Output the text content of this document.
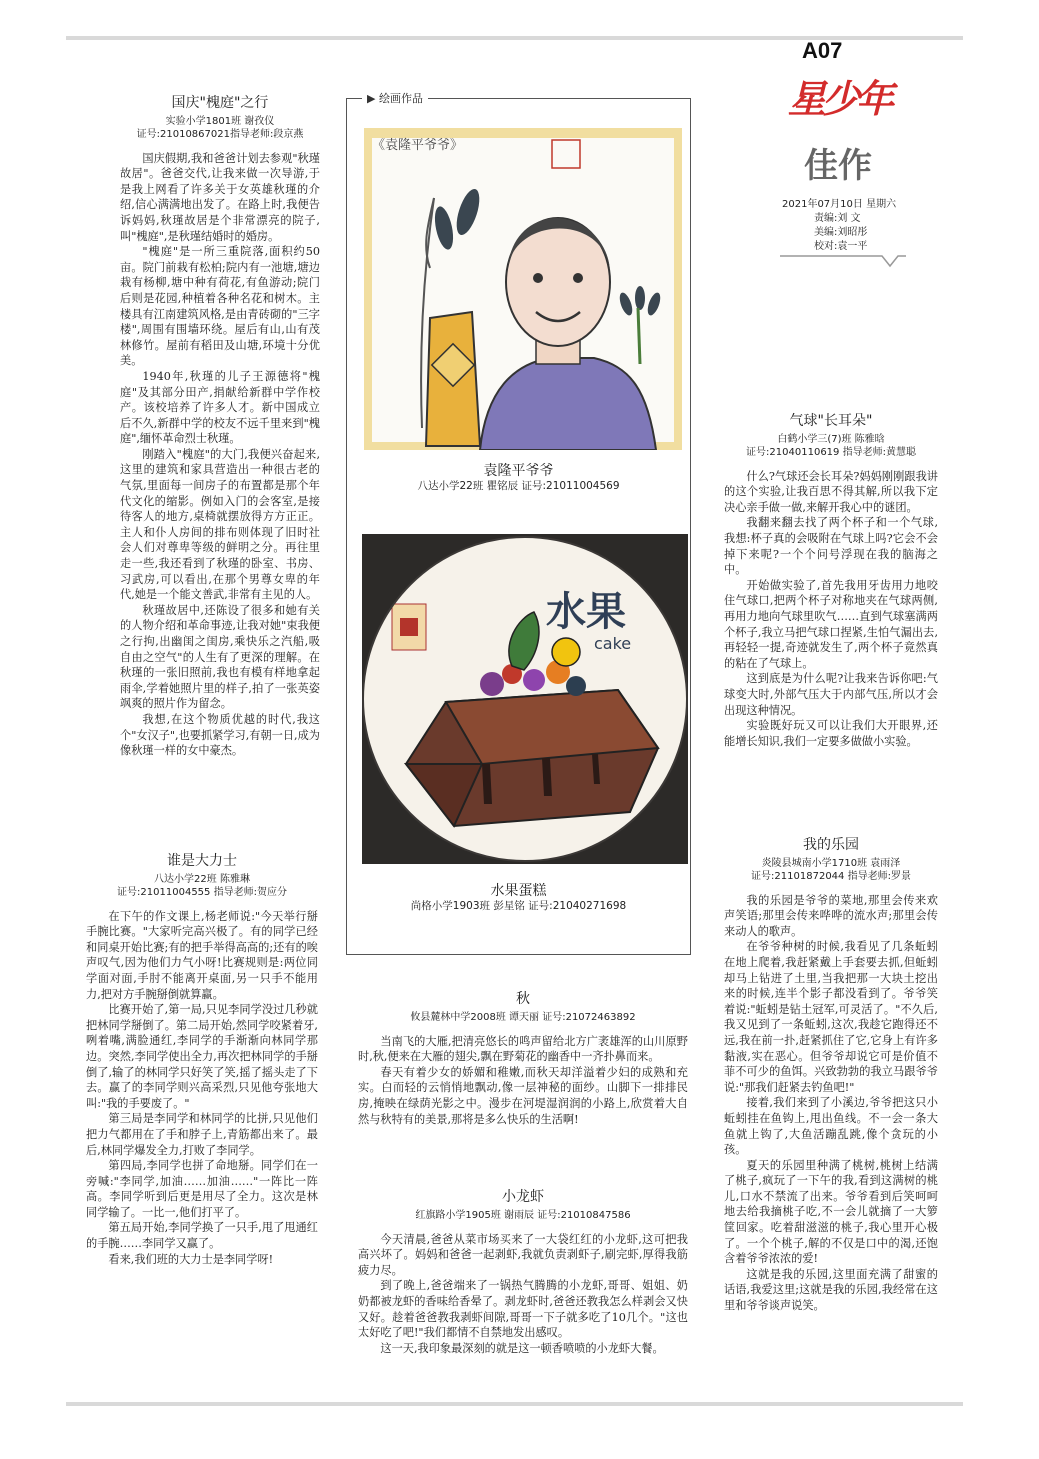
A07
星少年
佳作
2021年07月10日 星期六
责编:刘 文
美编:刘昭彤
校对:袁一平
国庆"槐庭"之行
实验小学1801班 谢孜仪
证号:21010867021指导老师:段京燕

国庆假期,我和爸爸计划去参观"秋瑾故居"。爸爸交代,让我来做一次导游,于是我上网看了许多关于女英雄秋瑾的介绍,信心满满地出发了。在路上时,我便告诉妈妈,秋瑾故居是个非常漂亮的院子,叫"槐庭",是秋瑾结婚时的婚房。

"槐庭"是一所三重院落,面积约50亩。院门前栽有松柏;院内有一池塘,塘边栽有杨柳,塘中种有荷花,有鱼游动;院门后则是花园,种植着各种名花和树木。主楼具有江南建筑风格,是由青砖砌的"三字楼",周围有围墙环绕。屋后有山,山有茂林修竹。屋前有稻田及山塘,环境十分优美。

1940年,秋瑾的儿子王源德将"槐庭"及其部分田产,捐献给新群中学作校产。该校培养了许多人才。新中国成立后不久,新群中学的校友不远千里来到"槐庭",缅怀革命烈士秋瑾。

刚踏入"槐庭"的大门,我便兴奋起来,这里的建筑和家具营造出一种很古老的气氛,里面每一间房子的布置都是那个年代文化的缩影。例如入门的会客室,是接待客人的地方,桌椅就摆放得方方正正。主人和仆人房间的排布则体现了旧时社会人们对尊卑等级的鲜明之分。再往里走一些,我还看到了秋瑾的卧室、书房、习武房,可以看出,在那个男尊女卑的年代,她是一个能文善武,非常有主见的人。

秋瑾故居中,还陈设了很多和她有关的人物介绍和革命事迹,让我对她"束我便之行拘,出幽闺之闺房,乘快乐之汽船,吸自由之空气"的人生有了更深的理解。在秋瑾的一张旧照前,我也有模有样地拿起雨伞,学着她照片里的样子,拍了一张英姿飒爽的照片作为留念。

我想,在这个物质优越的时代,我这个"女汉子",也要抓紧学习,有朝一日,成为像秋瑾一样的女中豪杰。

谁是大力士
八达小学22班 陈雅琳
证号:21011004555 指导老师:贺应分

在下午的作文课上,杨老师说:"今天举行掰手腕比赛。"大家听完高兴极了。有的同学已经和同桌开始比赛;有的把手举得高高的;还有的唉声叹气,因为他们力气小呀!比赛规则是:两位同学面对面,手肘不能离开桌面,另一只手不能用力,把对方手腕掰倒就算赢。

比赛开始了,第一局,只见李同学没过几秒就把林同学掰倒了。第二局开始,然同学咬紧着牙,咧着嘴,满脸通红,李同学的手渐渐向林同学那边。突然,李同学使出全力,再次把林同学的手掰倒了,输了的林同学只好笑了笑,摇了摇头走了下去。赢了的李同学则兴高采烈,只见他夸张地大叫:"我的手要废了。"

第三局是李同学和林同学的比拼,只见他们把力气都用在了手和脖子上,青筋都出来了。最后,林同学爆发全力,打败了李同学。

第四局,李同学也拼了命地掰。同学们在一旁喊:"李同学,加油……加油……"一阵比一阵高。李同学听到后更是用尽了全力。这次是林同学输了。一比一,他们打平了。

第五局开始,李同学换了一只手,甩了甩通红的手腕……李同学又赢了。

看来,我们班的大力士是李同学呀!

▶ 绘画作品
《袁隆平爷爷》
袁隆平爷爷
八达小学22班 瞿铭辰 证号:21011004569
水果
cake
水果蛋糕
尚格小学1903班 彭星铭 证号:21040271698
秋
攸县麓林中学2008班 谭天丽 证号:21072463892

当南飞的大雁,把清亮悠长的鸣声留给北方广袤雄浑的山川原野时,秋,便来在大雁的翅尖,飘在野菊花的幽香中一齐扑鼻而来。

春天有着少女的娇媚和稚嫩,而秋天却洋溢着少妇的成熟和充实。白而轻的云悄悄地飘动,像一层神秘的面纱。山脚下一排排民房,掩映在绿荫光影之中。漫步在河堤湿润润的小路上,欣赏着大自然与秋特有的美景,那将是多么快乐的生活啊!

小龙虾
红旗路小学1905班 谢雨辰 证号:21010847586

今天清晨,爸爸从菜市场买来了一大袋红红的小龙虾,这可把我高兴坏了。妈妈和爸爸一起剥虾,我就负责剥虾子,刷完虾,厚得我筋疲力尽。

到了晚上,爸爸端来了一锅热气腾腾的小龙虾,哥哥、姐姐、奶奶都被龙虾的香味给香晕了。剥龙虾时,爸爸还教我怎么样剥会又快又好。趁着爸爸教我剥虾间隙,哥哥一下子就多吃了10几个。"这也太好吃了吧!"我们都情不自禁地发出感叹。

这一天,我印象最深刻的就是这一顿香喷喷的小龙虾大餐。

气球"长耳朵"
白鹤小学三(7)班 陈雅晗
证号:21040110619 指导老师:黄慧聪

什么?气球还会长耳朵?妈妈刚刚跟我讲的这个实验,让我百思不得其解,所以我下定决心亲手做一做,来解开我心中的谜团。

我翻来翻去找了两个杯子和一个气球,我想:杯子真的会吸附在气球上吗?它会不会掉下来呢?一个个问号浮现在我的脑海之中。

开始做实验了,首先我用牙齿用力地咬住气球口,把两个杯子对称地夹在气球两侧,再用力地向气球里吹气……直到气球塞满两个杯子,我立马把气球口捏紧,生怕气漏出去,再轻轻一提,奇迹就发生了,两个杯子竟然真的粘在了气球上。

这到底是为什么呢?让我来告诉你吧:气球变大时,外部气压大于内部气压,所以才会出现这种情况。

实验既好玩又可以让我们大开眼界,还能增长知识,我们一定要多做做小实验。

我的乐园
炎陵县城南小学1710班 袁雨泽
证号:21101872044 指导老师:罗景

我的乐园是爷爷的菜地,那里会传来欢声笑语;那里会传来哗哗的流水声;那里会传来动人的歌声。

在爷爷种树的时候,我看见了几条蚯蚓在地上爬着,我赶紧戴上手套要去抓,但蚯蚓却马上钻进了土里,当我把那一大块土挖出来的时候,连半个影子都没看到了。爷爷笑着说:"蚯蚓是钻土冠军,可灵活了。"不久后,我又见到了一条蚯蚓,这次,我趁它跑得还不远,我在前一扑,赶紧抓住了它,它身上有许多黏液,实在恶心。但爷爷却说它可是价值不菲不可少的鱼饵。兴致勃勃的我立马跟爷爷说:"那我们赶紧去钓鱼吧!"

接着,我们来到了小溪边,爷爷把这只小蚯蚓挂在鱼钩上,甩出鱼线。不一会一条大鱼就上钩了,大鱼活蹦乱跳,像个贪玩的小孩。

夏天的乐园里种满了桃树,桃树上结满了桃子,疯玩了一下午的我,看到这满树的桃儿,口水不禁流了出来。爷爷看到后笑呵呵地去给我摘桃子吃,不一会儿就摘了一大箩筐回家。吃着甜滋滋的桃子,我心里开心极了。一个个桃子,解的不仅是口中的渴,还饱含着爷爷浓浓的爱!

这就是我的乐园,这里面充满了甜蜜的话语,我爱这里;这就是我的乐园,我经常在这里和爷爷谈声说笑。
